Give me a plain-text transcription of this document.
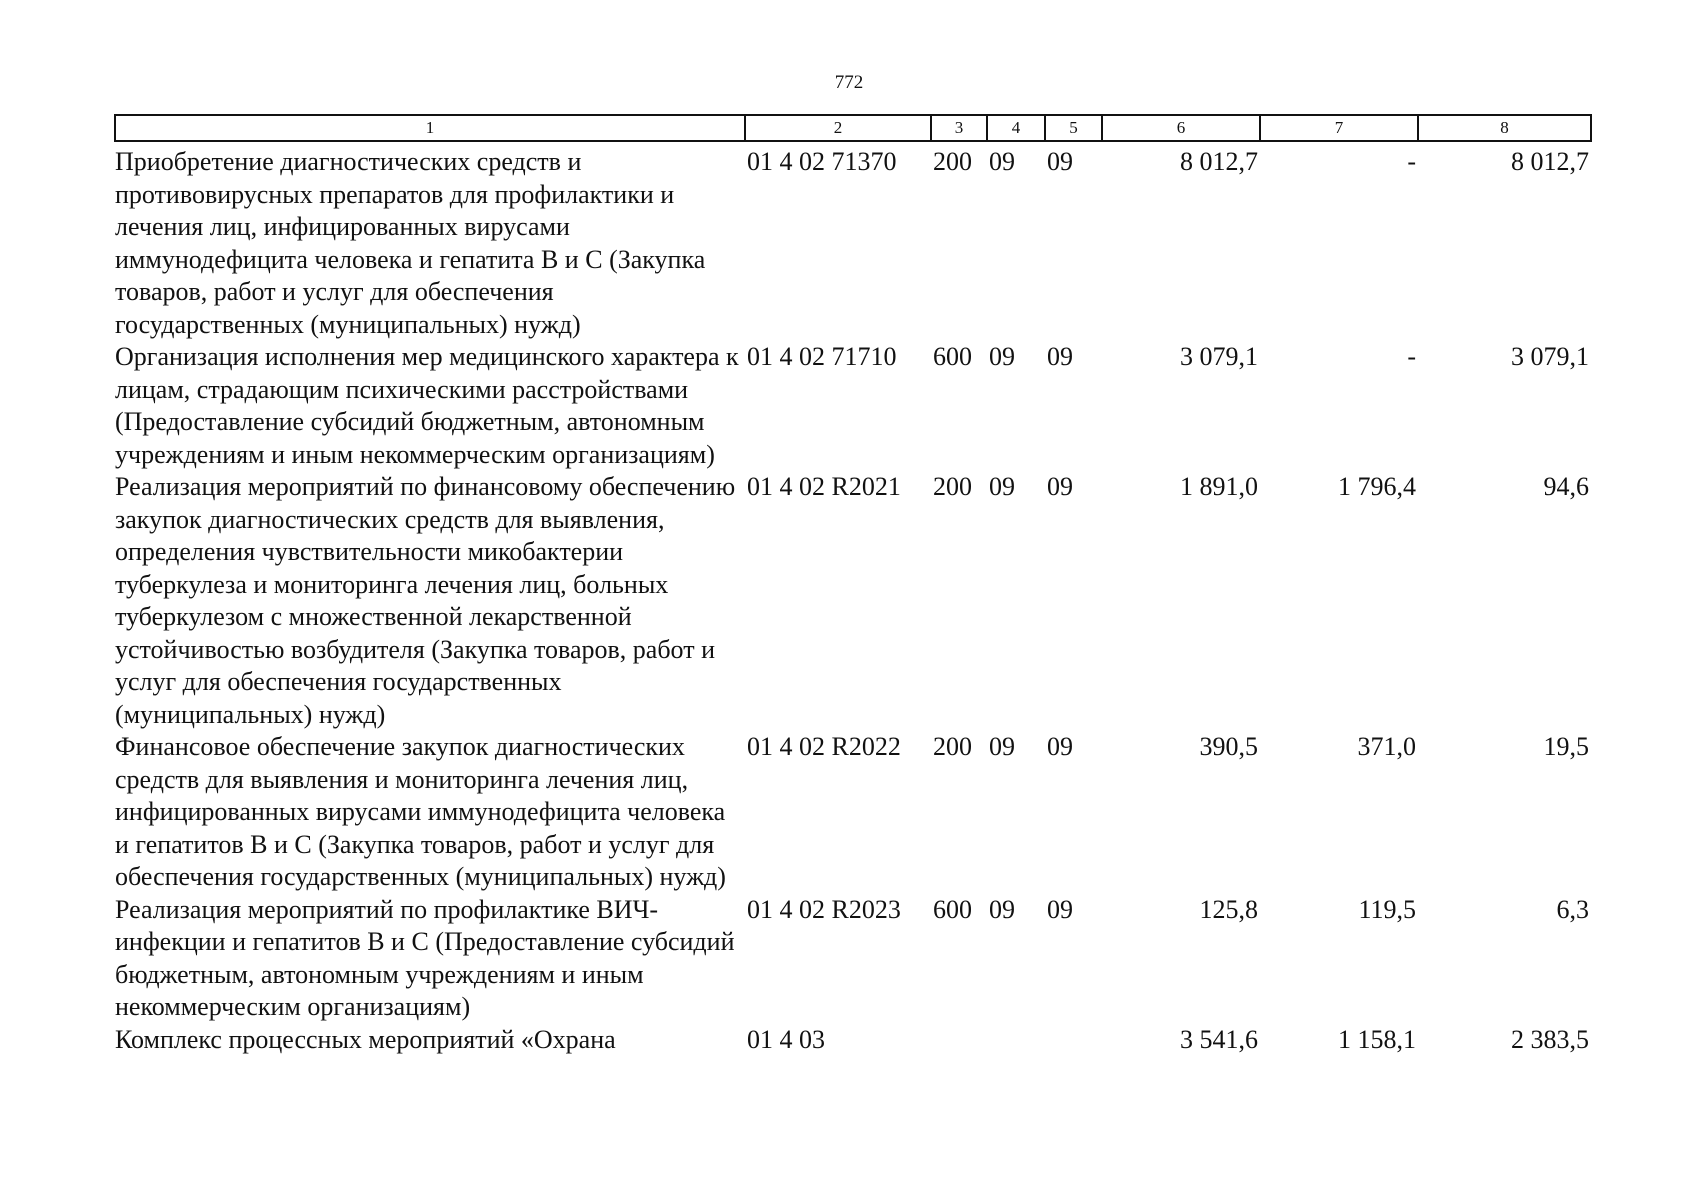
772
1	2	3	4	5	6	7	8
Приобретение диагностических средств и противовирусных препаратов для профилактики и лечения лиц, инфицированных вирусами иммунодефицита человека и гепатита В и С (Закупка товаров, работ и услуг для обеспечения государственных (муниципальных) нужд)	01 4 02 71370	200	09	09	8 012,7	-	8 012,7
Организация исполнения мер медицинского характера к лицам, страдающим психическими расстройствами (Предоставление субсидий бюджетным, автономным учреждениям и иным некоммерческим организациям)	01 4 02 71710	600	09	09	3 079,1	-	3 079,1
Реализация мероприятий по финансовому обеспечению закупок диагностических средств для выявления, определения чувствительности микобактерии туберкулеза и мониторинга лечения лиц, больных туберкулезом с множественной лекарственной устойчивостью возбудителя (Закупка товаров, работ и услуг для обеспечения государственных (муниципальных) нужд)	01 4 02 R2021	200	09	09	1 891,0	1 796,4	94,6
Финансовое обеспечение закупок диагностических средств для выявления и мониторинга лечения лиц, инфицированных вирусами иммунодефицита человека и гепатитов В и С (Закупка товаров, работ и услуг для обеспечения государственных (муниципальных) нужд)	01 4 02 R2022	200	09	09	390,5	371,0	19,5
Реализация мероприятий по профилактике ВИЧ-инфекции и гепатитов В и С (Предоставление субсидий бюджетным, автономным учреждениям и иным некоммерческим организациям)	01 4 02 R2023	600	09	09	125,8	119,5	6,3
Комплекс процессных мероприятий «Охрана	01 4 03				3 541,6	1 158,1	2 383,5
